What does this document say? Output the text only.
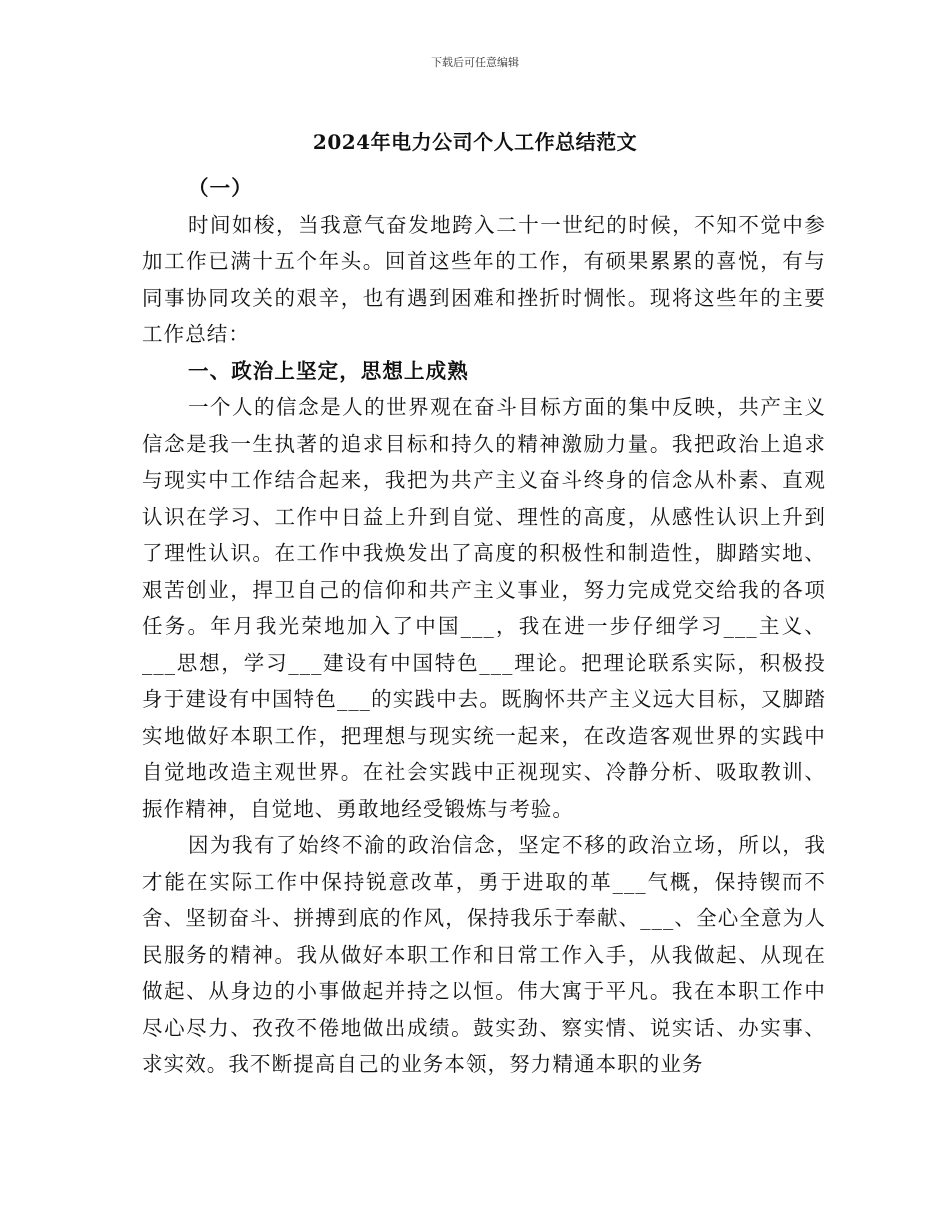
下载后可任意编辑
2024年电力公司个人工作总结范文

（一）

时间如梭，当我意气奋发地跨入二十一世纪的时候，不知不觉中参加工作已满十五个年头。回首这些年的工作，有硕果累累的喜悦，有与同事协同攻关的艰辛，也有遇到困难和挫折时惆怅。现将这些年的主要工作总结：

一、政治上坚定，思想上成熟

一个人的信念是人的世界观在奋斗目标方面的集中反映，共产主义信念是我一生执著的追求目标和持久的精神激励力量。我把政治上追求与现实中工作结合起来，我把为共产主义奋斗终身的信念从朴素、直观认识在学习、工作中日益上升到自觉、理性的高度，从感性认识上升到了理性认识。在工作中我焕发出了高度的积极性和制造性，脚踏实地、艰苦创业，捍卫自己的信仰和共产主义事业，努力完成党交给我的各项任务。年月我光荣地加入了中国___，我在进一步仔细学习___主义、___思想，学习___建设有中国特色___理论。把理论联系实际，积极投身于建设有中国特色___的实践中去。既胸怀共产主义远大目标，又脚踏实地做好本职工作，把理想与现实统一起来，在改造客观世界的实践中自觉地改造主观世界。在社会实践中正视现实、冷静分析、吸取教训、振作精神，自觉地、勇敢地经受锻炼与考验。

因为我有了始终不渝的政治信念，坚定不移的政治立场，所以，我才能在实际工作中保持锐意改革，勇于进取的革___气概，保持锲而不舍、坚韧奋斗、拼搏到底的作风，保持我乐于奉献、___、全心全意为人民服务的精神。我从做好本职工作和日常工作入手，从我做起、从现在做起、从身边的小事做起并持之以恒。伟大寓于平凡。我在本职工作中尽心尽力、孜孜不倦地做出成绩。鼓实劲、察实情、说实话、办实事、求实效。我不断提高自己的业务本领，努力精通本职的业务
